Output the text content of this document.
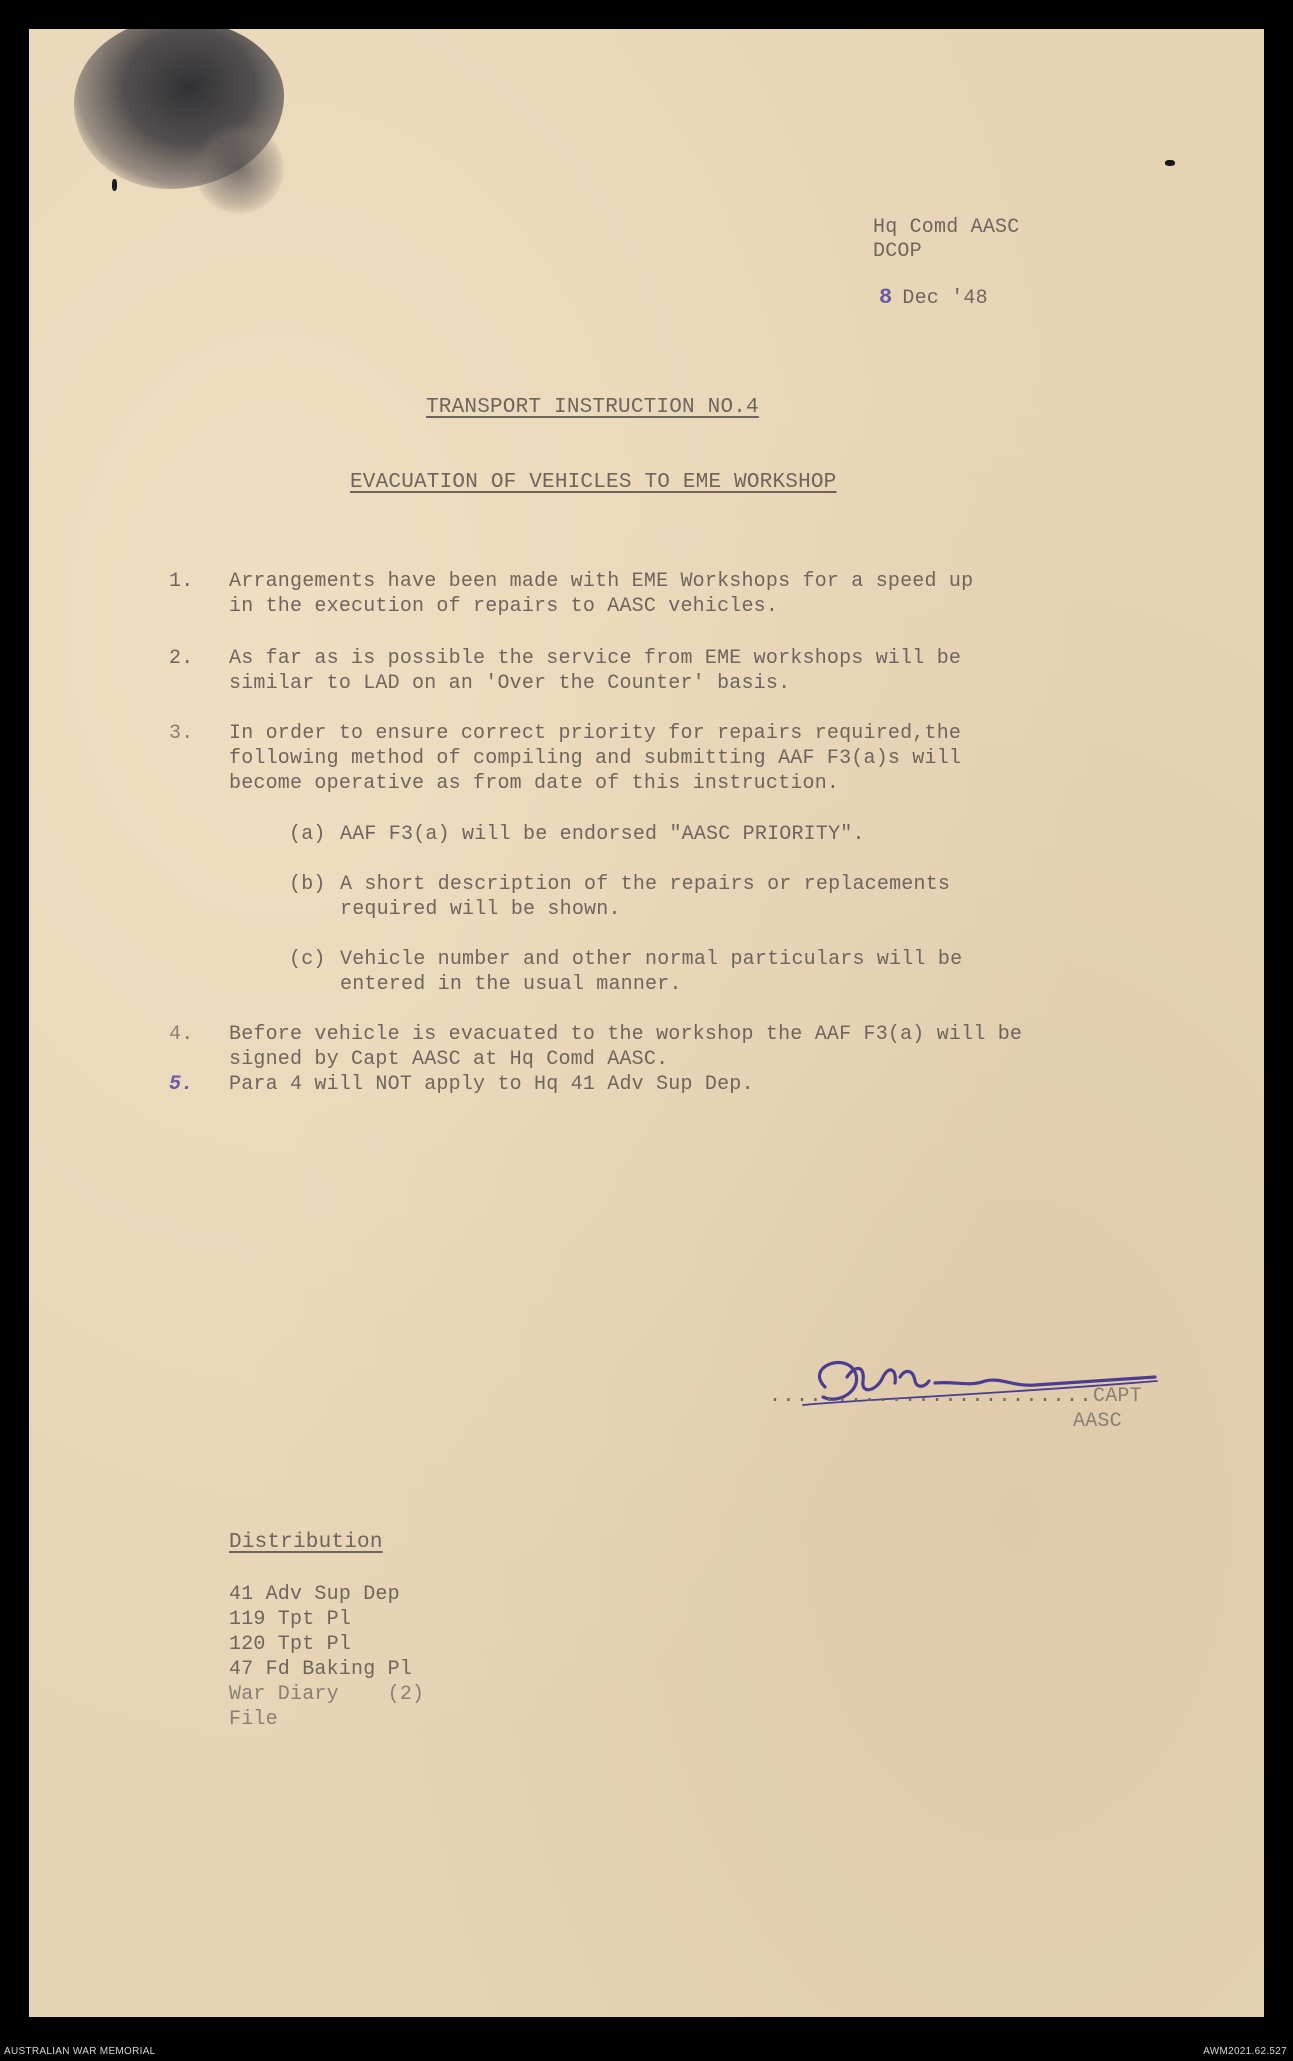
Hq Comd AASC
DCOP
8 Dec '48
TRANSPORT INSTRUCTION NO.4
EVACUATION OF VEHICLES TO EME WORKSHOP
1. Arrangements have been made with EME Workshops for a speed up
in the execution of repairs to AASC vehicles.
2. As far as is possible the service from EME workshops will be
similar to LAD on an 'Over the Counter' basis.
3. In order to ensure correct priority for repairs required,the
following method of compiling and submitting AAF F3(a)s will
become operative as from date of this instruction.
(a) AAF F3(a) will be endorsed "AASC PRIORITY".
(b) A short description of the repairs or replacements
required will be shown.
(c) Vehicle number and other normal particulars will be
entered in the usual manner.
4. Before vehicle is evacuated to the workshop the AAF F3(a) will be
signed by Capt AASC at Hq Comd AASC.
5. Para 4 will NOT apply to Hq 41 Adv Sup Dep.
........................ CAPT
AASC
Distribution
41 Adv Sup Dep
119 Tpt Pl
120 Tpt Pl
47 Fd Baking Pl
War Diary    (2)
File
AUSTRALIAN WAR MEMORIAL	AWM2021.62.527
